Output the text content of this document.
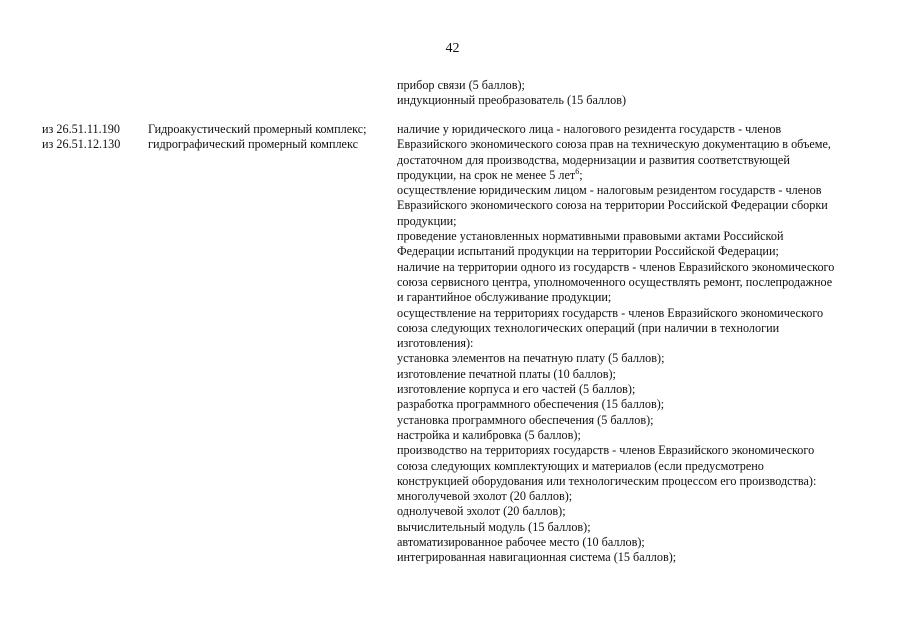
42
прибор связи (5 баллов);
индукционный преобразователь (15 баллов)
из 26.51.11.190
из 26.51.12.130
Гидроакустический промерный комплекс;
гидрографический промерный комплекс
наличие у юридического лица - налогового резидента государств - членов
Евразийского экономического союза прав на техническую документацию в объеме,
достаточном для производства, модернизации и развития соответствующей
продукции, на срок не менее 5 лет$^6$;
осуществление юридическим лицом - налоговым резидентом государств - членов
Евразийского экономического союза на территории Российской Федерации сборки
продукции;
проведение установленных нормативными правовыми актами Российской
Федерации испытаний продукции на территории Российской Федерации;
наличие на территории одного из государств - членов Евразийского экономического
союза сервисного центра, уполномоченного осуществлять ремонт, послепродажное
и гарантийное обслуживание продукции;
осуществление на территориях государств - членов Евразийского экономического
союза следующих технологических операций (при наличии в технологии
изготовления):
установка элементов на печатную плату (5 баллов);
изготовление печатной платы (10 баллов);
изготовление корпуса и его частей (5 баллов);
разработка программного обеспечения (15 баллов);
установка программного обеспечения (5 баллов);
настройка и калибровка (5 баллов);
производство на территориях государств - членов Евразийского экономического
союза следующих комплектующих и материалов (если предусмотрено
конструкцией оборудования или технологическим процессом его производства):
многолучевой эхолот (20 баллов);
однолучевой эхолот (20 баллов);
вычислительный модуль (15 баллов);
автоматизированное рабочее место (10 баллов);
интегрированная навигационная система (15 баллов);
